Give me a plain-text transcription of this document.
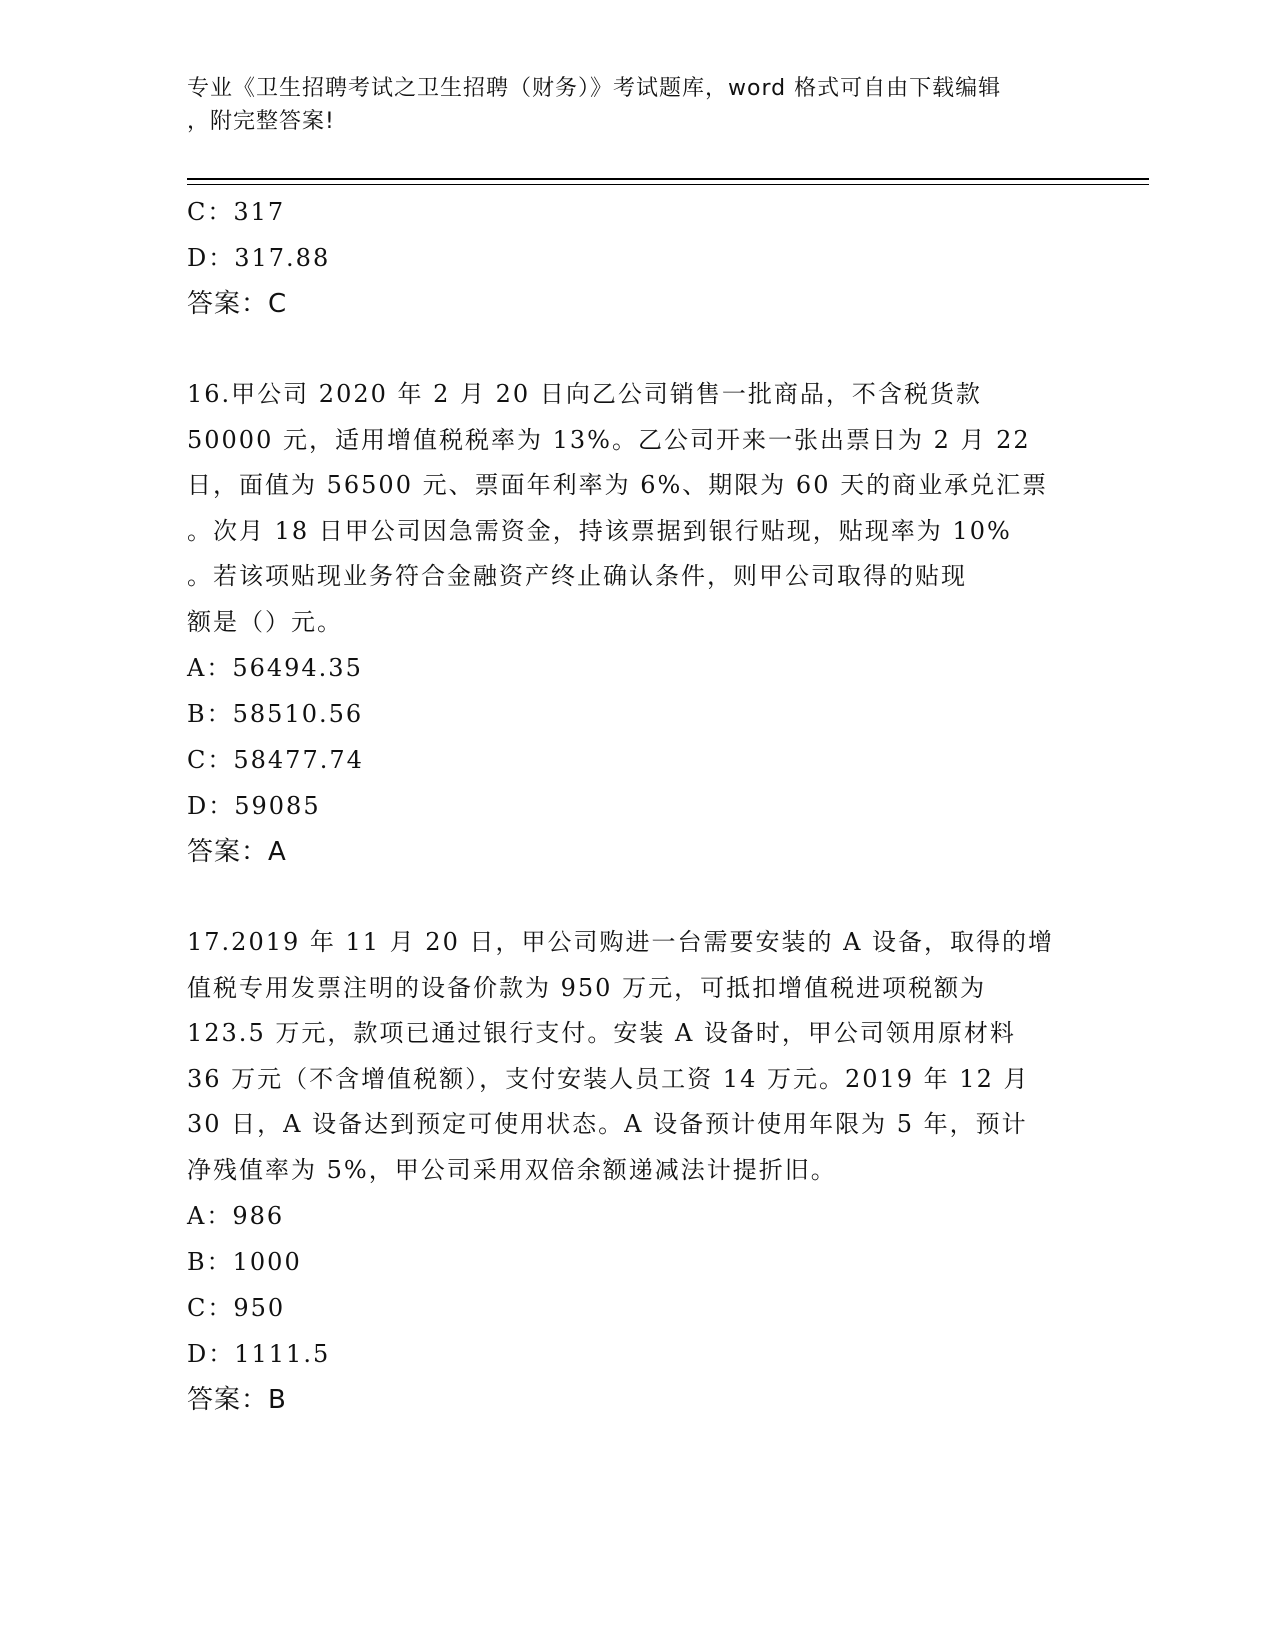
专业《卫生招聘考试之卫生招聘（财务）》考试题库，word 格式可自由下载编辑
，附完整答案!
C：317
D：317.88
答案：C
16.甲公司 2020 年 2 月 20 日向乙公司销售一批商品，不含税货款
50000 元，适用增值税税率为 13%。乙公司开来一张出票日为 2 月 22
日，面值为 56500 元、票面年利率为 6%、期限为 60 天的商业承兑汇票
。次月 18 日甲公司因急需资金，持该票据到银行贴现，贴现率为 10%
。若该项贴现业务符合金融资产终止确认条件，则甲公司取得的贴现
额是（）元。
A：56494.35
B：58510.56
C：58477.74
D：59085
答案：A
17.2019 年 11 月 20 日，甲公司购进一台需要安装的 A 设备，取得的增
值税专用发票注明的设备价款为 950 万元，可抵扣增值税进项税额为
123.5 万元，款项已通过银行支付。安装 A 设备时，甲公司领用原材料
36 万元（不含增值税额），支付安装人员工资 14 万元。2019 年 12 月
30 日，A 设备达到预定可使用状态。A 设备预计使用年限为 5 年，预计
净残值率为 5%，甲公司采用双倍余额递减法计提折旧。
A：986
B：1000
C：950
D：1111.5
答案：B
